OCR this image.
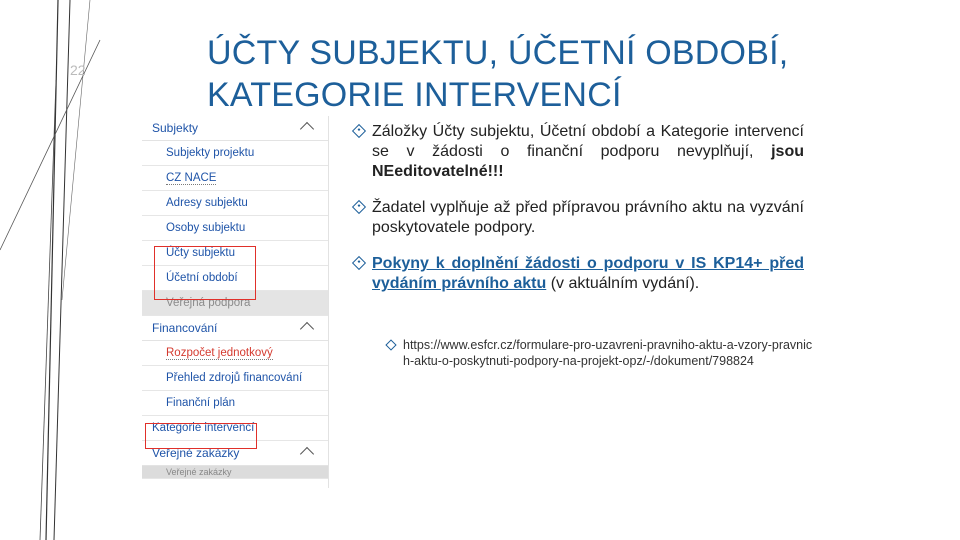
22	ÚČTY SUBJEKTU, ÚČETNÍ OBDOBÍ,
KATEGORIE INTERVENCÍ
Subjekty
Subjekty projektu
CZ NACE
Adresy subjektu
Osoby subjektu
Účty subjektu
Účetní období
Veřejná podpora
Financování
Rozpočet jednotkový
Přehled zdrojů financování
Finanční plán
Kategorie intervencí
Veřejné zakázky
Veřejné zakázky
Záložky Účty subjektu, Účetní období a Kategorie intervencí se v žádosti o finanční podporu nevyplňují, jsou NEeditovatelné!!!
Žadatel vyplňuje až před přípravou právního aktu na vyzvání poskytovatele podpory.
Pokyny k doplnění žádosti o podporu v IS KP14+ před vydáním právního aktu (v aktuálním vydání).
https://www.esfcr.cz/formulare-pro-uzavreni-pravniho-aktu-a-vzory-pravnich-aktu-o-poskytnuti-podpory-na-projekt-opz/-/dokument/798824
